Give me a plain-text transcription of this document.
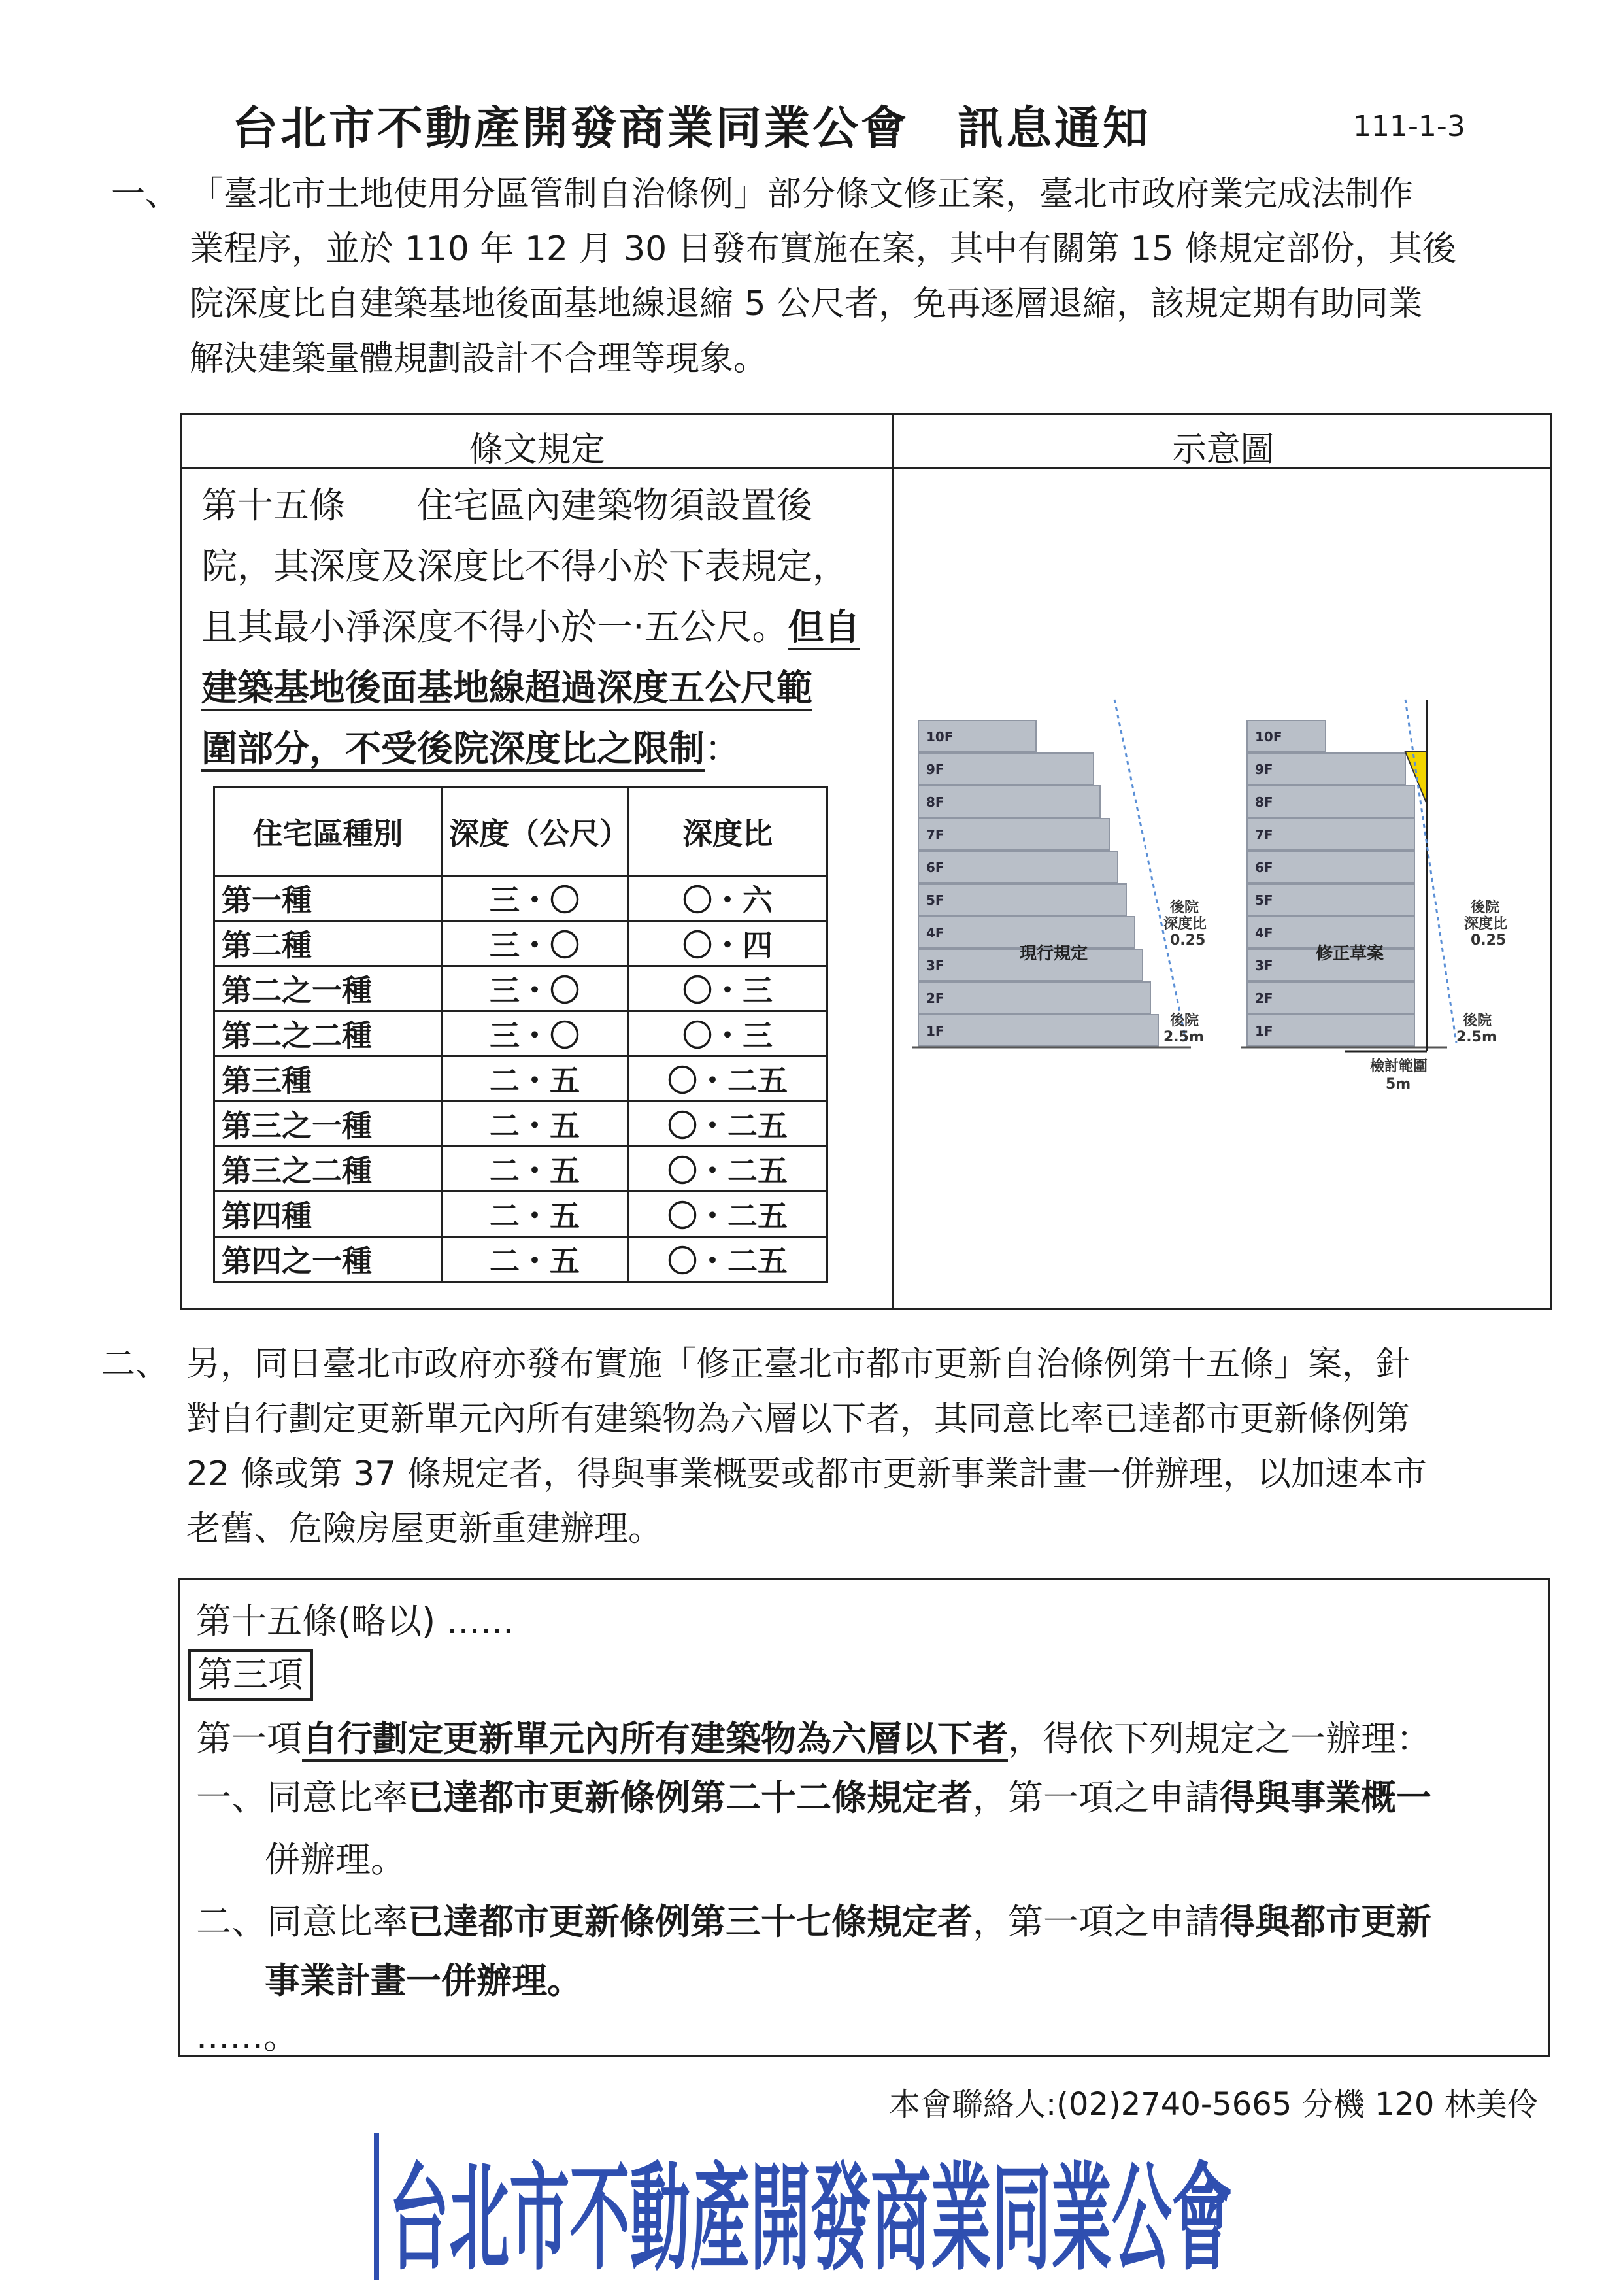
台北市不動產開發商業同業公會　訊息通知	111-1-3
一、 「臺北市土地使用分區管制自治條例」部分條文修正案，臺北市政府業完成法制作
業程序，並於 110 年 12 月 30 日發布實施在案，其中有關第 15 條規定部份，其後
院深度比自建築基地後面基地線退縮 5 公尺者，免再逐層退縮，該規定期有助同業
解決建築量體規劃設計不合理等現象。
條文規定	示意圖
第十五條　　住宅區內建築物須設置後
院，其深度及深度比不得小於下表規定，
且其最小淨深度不得小於一‧五公尺。但自
建築基地後面基地線超過深度五公尺範
圍部分，不受後院深度比之限制：
住宅區種別	深度（公尺）	深度比
第一種	三・〇	〇・六
第二種	三・〇	〇・四
第二之一種	三・〇	〇・三
第二之二種	三・〇	〇・三
第三種	二・五	〇・二五
第三之一種	二・五	〇・二五
第三之二種	二・五	〇・二五
第四種	二・五	〇・二五
第四之一種	二・五	〇・二五
10F
9F
8F
7F
6F
5F
4F
3F
2F
1F
現行規定
後院
深度比
0.25
後院
2.5m
10F
9F
8F
7F
6F
5F
4F
3F
2F
1F
修正草案
後院
深度比
0.25
後院
2.5m
檢討範圍
5m
二、 另，同日臺北市政府亦發布實施「修正臺北市都市更新自治條例第十五條」案，針
對自行劃定更新單元內所有建築物為六層以下者，其同意比率已達都市更新條例第
22 條或第 37 條規定者，得與事業概要或都市更新事業計畫一併辦理，以加速本市
老舊、危險房屋更新重建辦理。
第十五條(略以) ......
第三項
第一項自行劃定更新單元內所有建築物為六層以下者，得依下列規定之一辦理：
一、同意比率已達都市更新條例第二十二條規定者，第一項之申請得與事業概一
併辦理。
二、同意比率已達都市更新條例第三十七條規定者，第一項之申請得與都市更新
事業計畫一併辦理。
......。
本會聯絡人:(02)2740-5665 分機 120 林美伶
台北市不動產開發商業同業公會
